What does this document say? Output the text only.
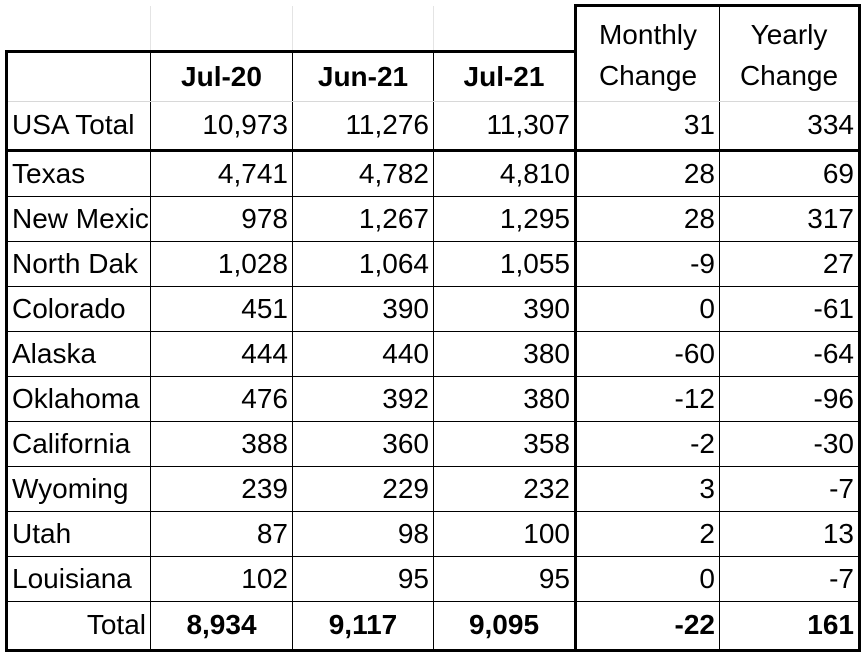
				Monthly	Yearly
	Jul-20	Jun-21	Jul-21	Change	Change
USA Total	10,973	11,276	11,307	31	334
Texas	4,741	4,782	4,810	28	69
New Mexic	978	1,267	1,295	28	317
North Dak	1,028	1,064	1,055	-9	27
Colorado	451	390	390	0	-61
Alaska	444	440	380	-60	-64
Oklahoma	476	392	380	-12	-96
California	388	360	358	-2	-30
Wyoming	239	229	232	3	-7
Utah	87	98	100	2	13
Louisiana	102	95	95	0	-7
Total	8,934	9,117	9,095	-22	161
